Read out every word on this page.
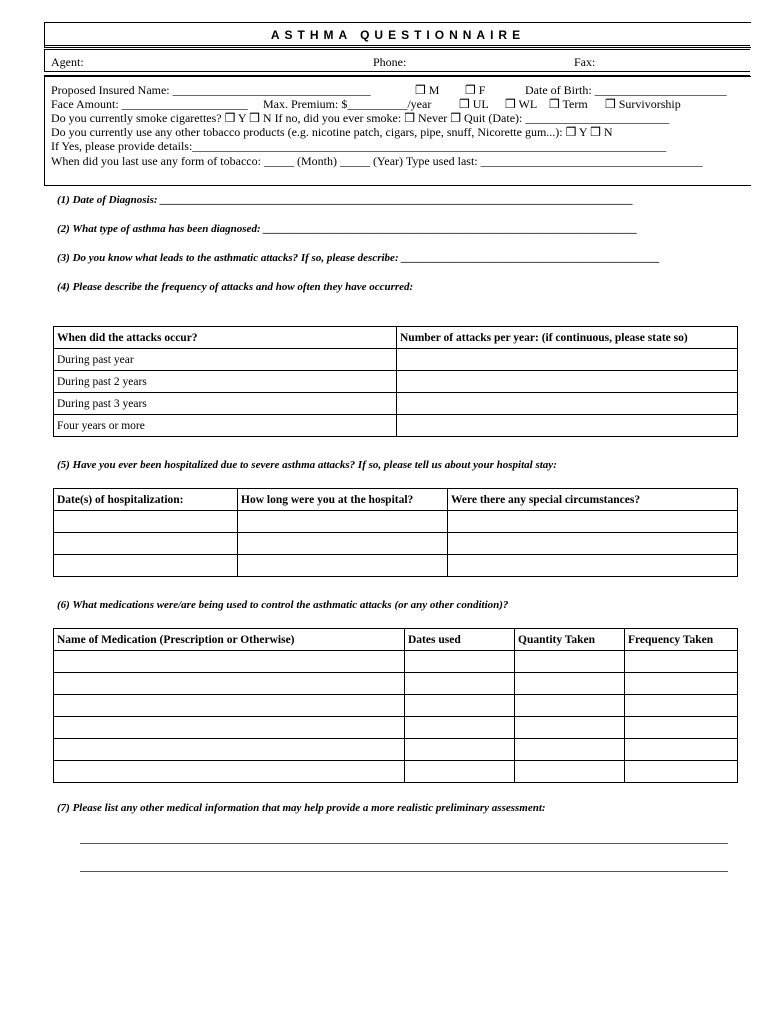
ASTHMA QUESTIONNAIRE
Agent:	Phone:	Fax:
Proposed Insured Name: _________________________________	❒ M ❒ F	Date of Birth: ______________________
Face Amount: _____________________ Max. Premium: $__________/year ❒ UL ❒ WL ❒ Term ❒ Survivorship
Do you currently smoke cigarettes? ❒ Y ❒ N If no, did you ever smoke: ❒ Never ❒ Quit (Date): ________________________
Do you currently use any other tobacco products (e.g. nicotine patch, cigars, pipe, snuff, Nicorette gum...): ❒ Y ❒ N
If Yes, please provide details:_______________________________________________________________________________
When did you last use any form of tobacco: _____ (Month) _____ (Year) Type used last: _____________________________________
(1) Date of Diagnosis: ______________________________________________________________________________________
(2) What type of asthma has been diagnosed: ____________________________________________________________________
(3) Do you know what leads to the asthmatic attacks? If so, please describe: _______________________________________________
(4) Please describe the frequency of attacks and how often they have occurred:
When did the attacks occur?	Number of attacks per year: (if continuous, please state so)
During past year	
During past 2 years	
During past 3 years	
Four years or more	
(5) Have you ever been hospitalized due to severe asthma attacks? If so, please tell us about your hospital stay:
Date(s) of hospitalization:	How long were you at the hospital?	Were there any special circumstances?

(6) What medications were/are being used to control the asthmatic attacks (or any other condition)?
Name of Medication (Prescription or Otherwise)	Dates used	Quantity Taken	Frequency Taken

(7) Please list any other medical information that may help provide a more realistic preliminary assessment:
